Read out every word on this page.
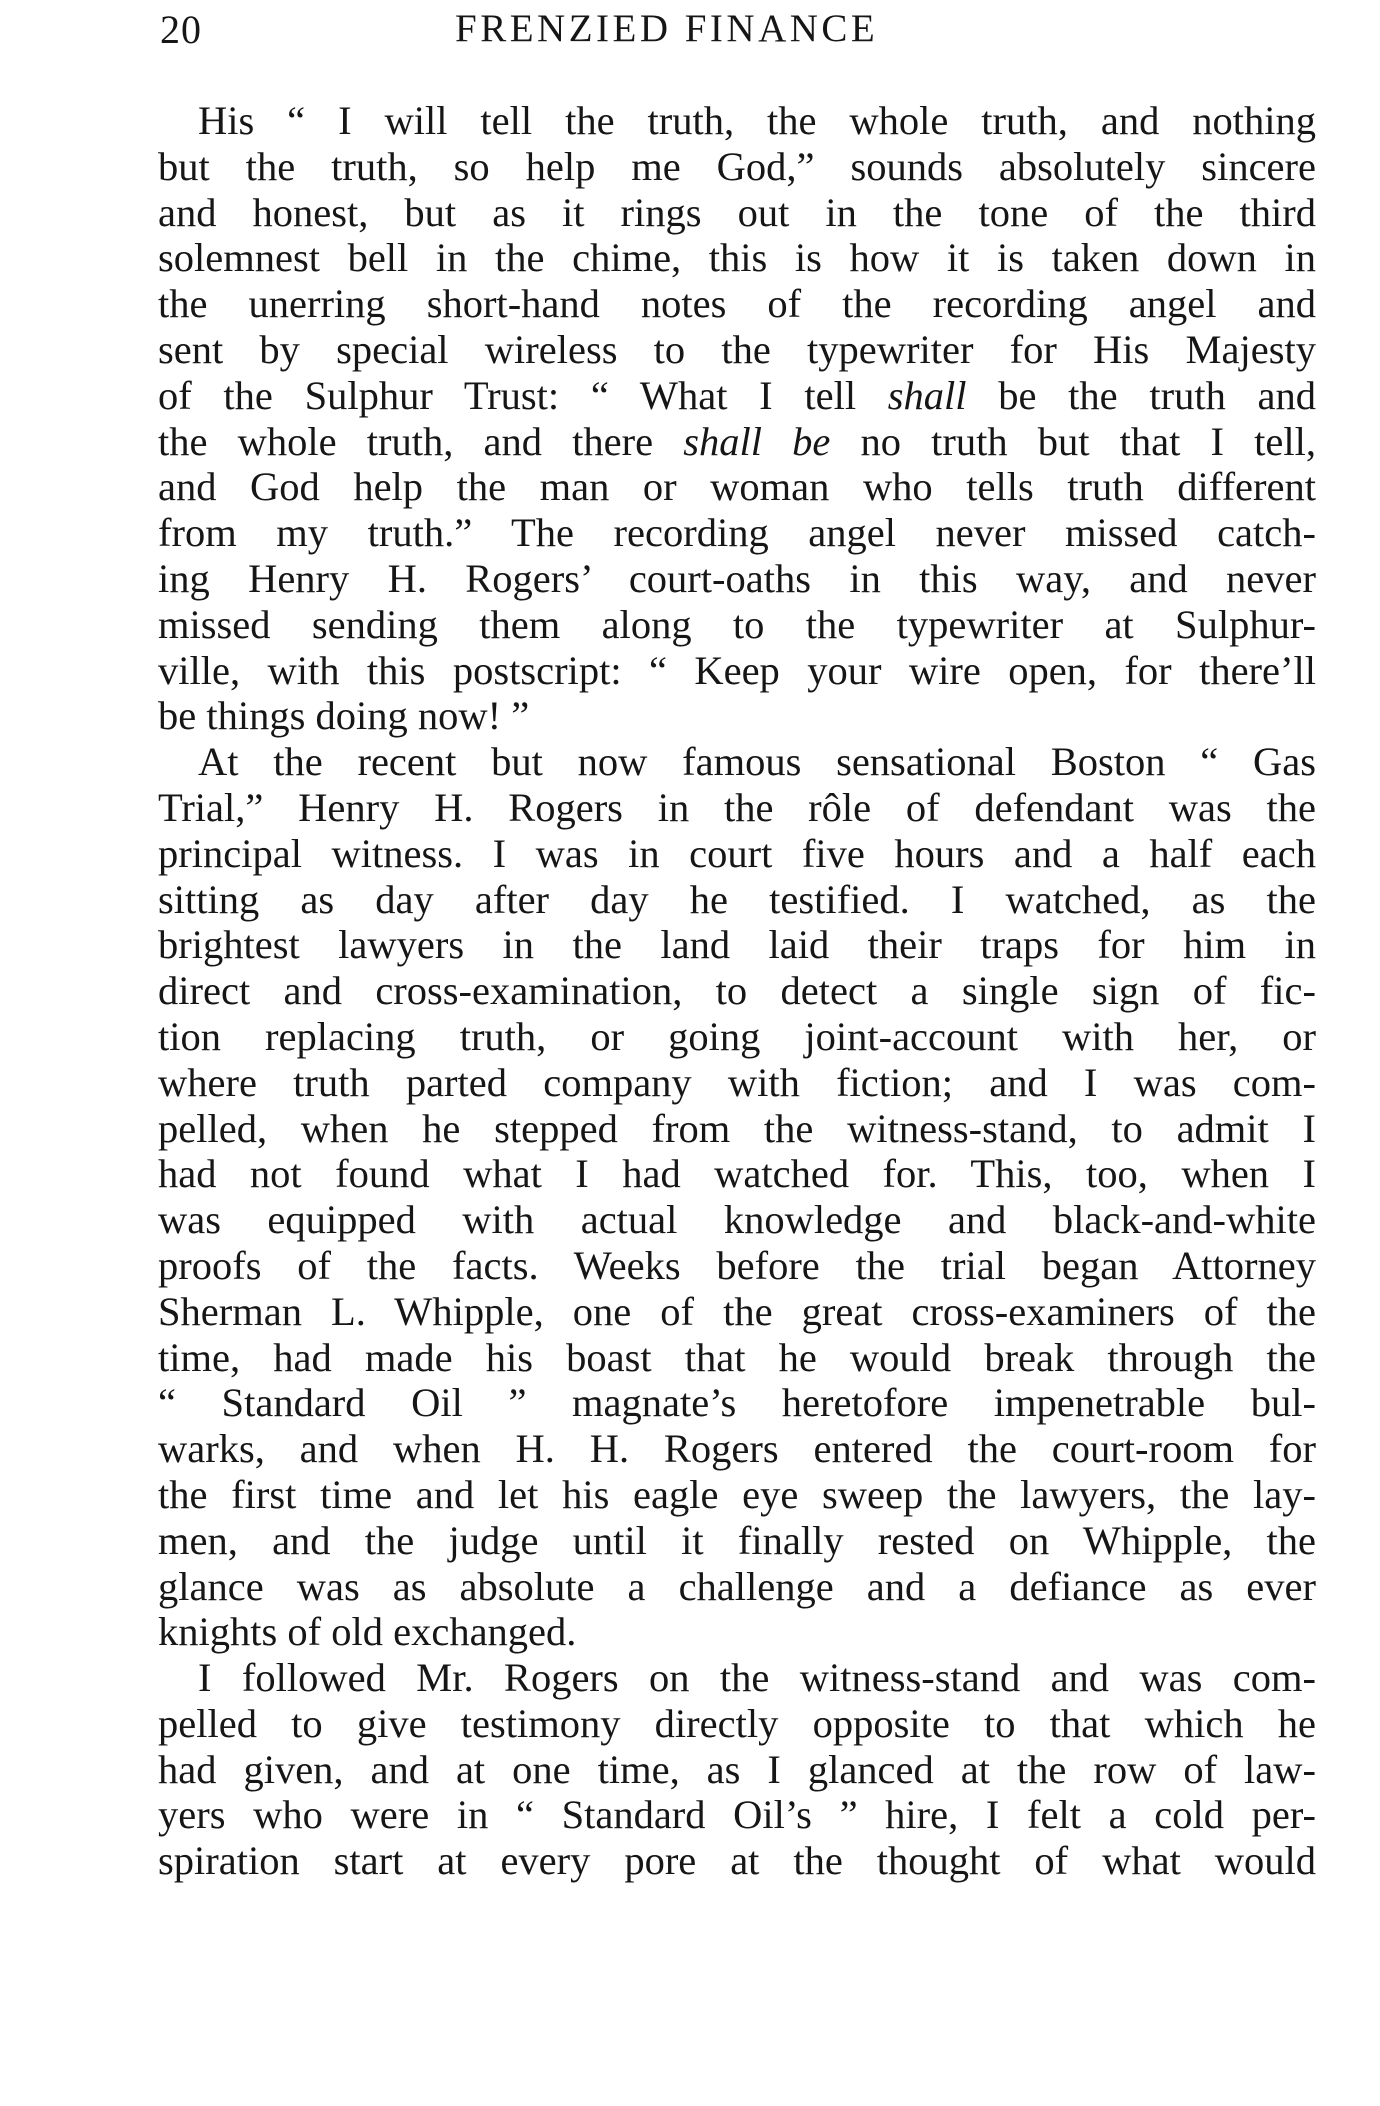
20	FRENZIED FINANCE
His “ I will tell the truth, the whole truth, and nothing
but the truth, so help me God,” sounds absolutely sincere
and honest, but as it rings out in the tone of the third
solemnest bell in the chime, this is how it is taken down in
the unerring short-hand notes of the recording angel and
sent by special wireless to the typewriter for His Majesty
of the Sulphur Trust: “ What I tell shall be the truth and
the whole truth, and there shall be no truth but that I tell,
and God help the man or woman who tells truth different
from my truth.” The recording angel never missed catch-
ing Henry H. Rogers’ court-oaths in this way, and never
missed sending them along to the typewriter at Sulphur-
ville, with this postscript: “ Keep your wire open, for there’ll
be things doing now! ”
At the recent but now famous sensational Boston “ Gas
Trial,” Henry H. Rogers in the rôle of defendant was the
principal witness. I was in court five hours and a half each
sitting as day after day he testified. I watched, as the
brightest lawyers in the land laid their traps for him in
direct and cross-examination, to detect a single sign of fic-
tion replacing truth, or going joint-account with her, or
where truth parted company with fiction; and I was com-
pelled, when he stepped from the witness-stand, to admit I
had not found what I had watched for. This, too, when I
was equipped with actual knowledge and black-and-white
proofs of the facts. Weeks before the trial began Attorney
Sherman L. Whipple, one of the great cross-examiners of the
time, had made his boast that he would break through the
“ Standard Oil ” magnate’s heretofore impenetrable bul-
warks, and when H. H. Rogers entered the court-room for
the first time and let his eagle eye sweep the lawyers, the lay-
men, and the judge until it finally rested on Whipple, the
glance was as absolute a challenge and a defiance as ever
knights of old exchanged.
I followed Mr. Rogers on the witness-stand and was com-
pelled to give testimony directly opposite to that which he
had given, and at one time, as I glanced at the row of law-
yers who were in “ Standard Oil’s ” hire, I felt a cold per-
spiration start at every pore at the thought of what would
